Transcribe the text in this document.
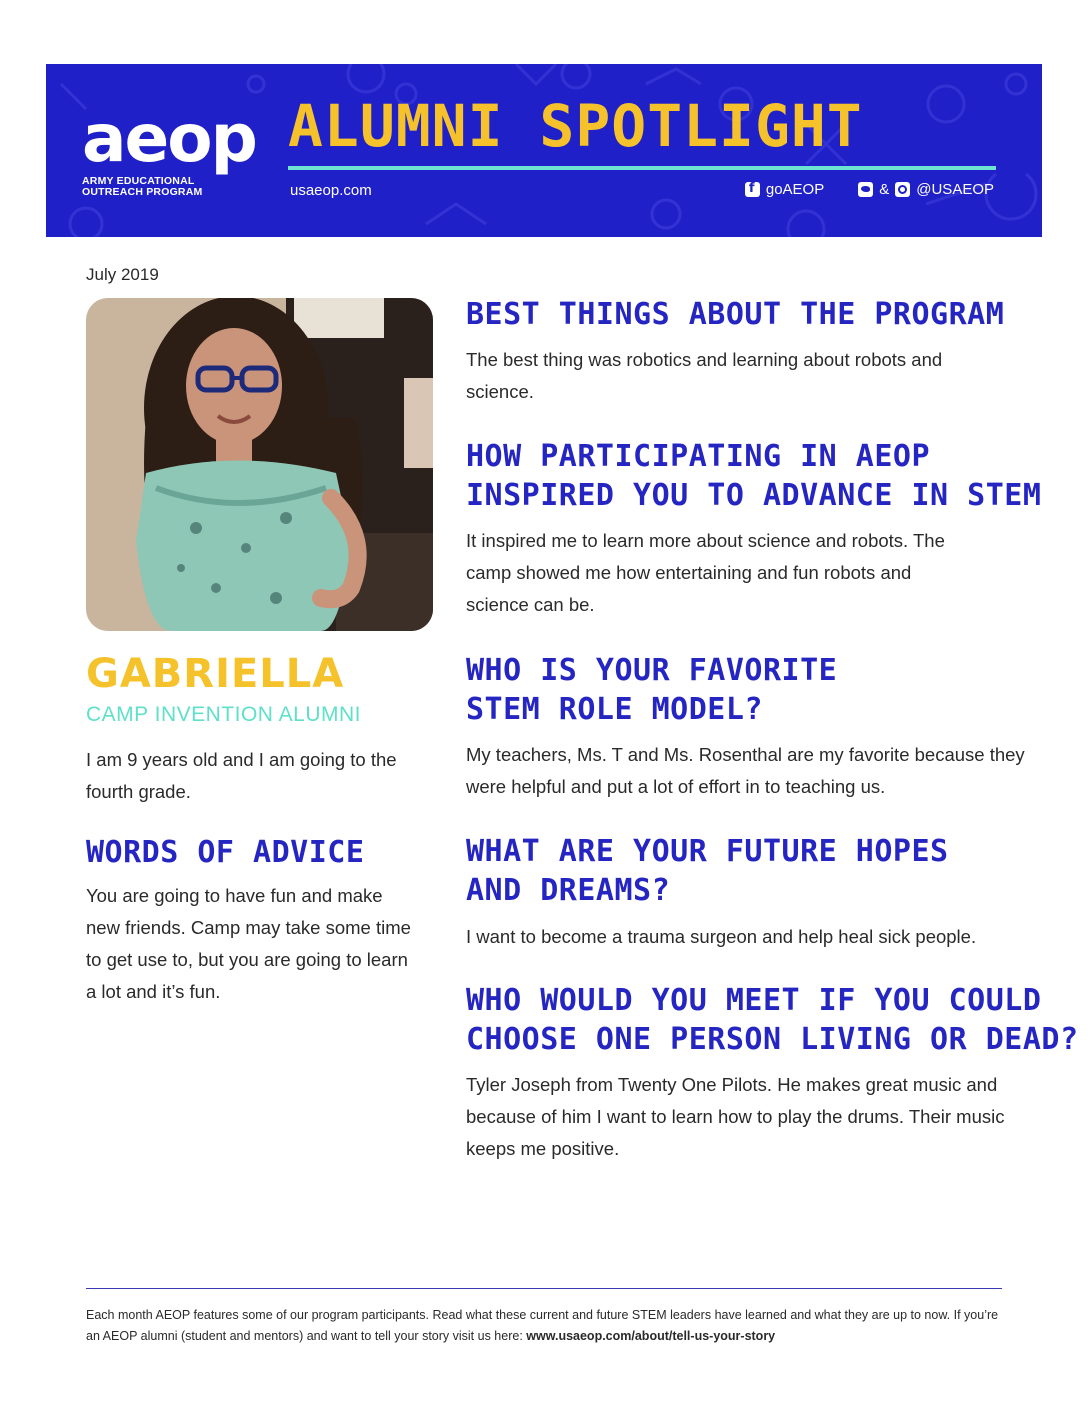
aeop
ARMY EDUCATIONAL
OUTREACH PROGRAM
ALUMNI SPOTLIGHT
usaeop.com
f	goAEOP	& @USAEOP
July 2019
GABRIELLA
CAMP INVENTION ALUMNI

I am 9 years old and I am going to the fourth grade.

WORDS OF ADVICE

You are going to have fun and make new friends. Camp may take some time to get use to, but you are going to learn a lot and it’s fun.

BEST THINGS ABOUT THE PROGRAM

The best thing was robotics and learning about robots and science.

HOW PARTICIPATING IN AEOP
INSPIRED YOU TO ADVANCE IN STEM

It inspired me to learn more about science and robots. The camp showed me how entertaining and fun robots and science can be.

WHO IS YOUR FAVORITE
STEM ROLE MODEL?

My teachers, Ms. T and Ms. Rosenthal are my favorite because they were helpful and put a lot of effort in to teaching us.

WHAT ARE YOUR FUTURE HOPES
AND DREAMS?

I want to become a trauma surgeon and help heal sick people.

WHO WOULD YOU MEET IF YOU COULD
CHOOSE ONE PERSON LIVING OR DEAD?

Tyler Joseph from Twenty One Pilots. He makes great music and because of him I want to learn how to play the drums. Their music keeps me positive.

Each month AEOP features some of our program participants. Read what these current and future STEM leaders have learned and what they are up to now. If you’re an AEOP alumni (student and mentors) and want to tell your story visit us here: www.usaeop.com/about/tell-us-your-story
